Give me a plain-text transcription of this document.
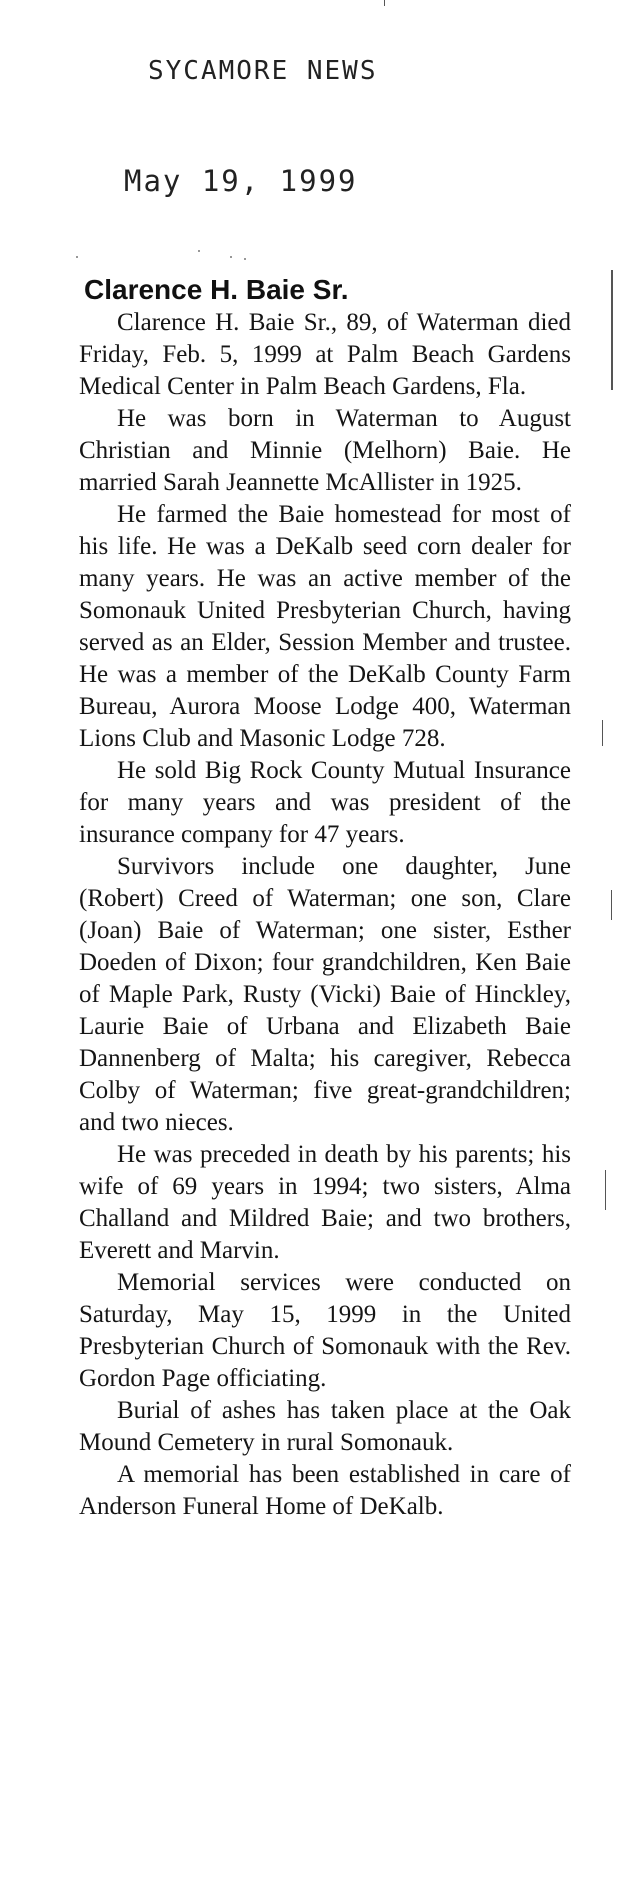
SYCAMORE NEWS
May 19, 1999
Clarence H. Baie Sr.

Clarence H. Baie Sr., 89, of Waterman died Friday, Feb. 5, 1999 at Palm Beach Gardens Medical Center in Palm Beach Gardens, Fla.

He was born in Waterman to August Christian and Minnie (Melhorn) Baie. He married Sarah Jeannette McAllister in 1925.

He farmed the Baie homestead for most of his life. He was a DeKalb seed corn dealer for many years. He was an active member of the Somonauk United Presbyterian Church, having served as an Elder, Session Member and trustee. He was a member of the DeKalb County Farm Bureau, Aurora Moose Lodge 400, Waterman Lions Club and Masonic Lodge 728.

He sold Big Rock County Mutual Insurance for many years and was president of the insurance company for 47 years.

Survivors include one daughter, June (Robert) Creed of Waterman; one son, Clare (Joan) Baie of Waterman; one sister, Esther Doeden of Dixon; four grandchildren, Ken Baie of Maple Park, Rusty (Vicki) Baie of Hinckley, Laurie Baie of Urbana and Elizabeth Baie Dannenberg of Malta; his caregiver, Rebecca Colby of Waterman; five great-grandchildren; and two nieces.

He was preceded in death by his parents; his wife of 69 years in 1994; two sisters, Alma Challand and Mildred Baie; and two brothers, Everett and Marvin.

Memorial services were conducted on Saturday, May 15, 1999 in the United Presbyterian Church of Somonauk with the Rev. Gordon Page officiating.

Burial of ashes has taken place at the Oak Mound Cemetery in rural Somonauk.

A memorial has been established in care of Anderson Funeral Home of DeKalb.
